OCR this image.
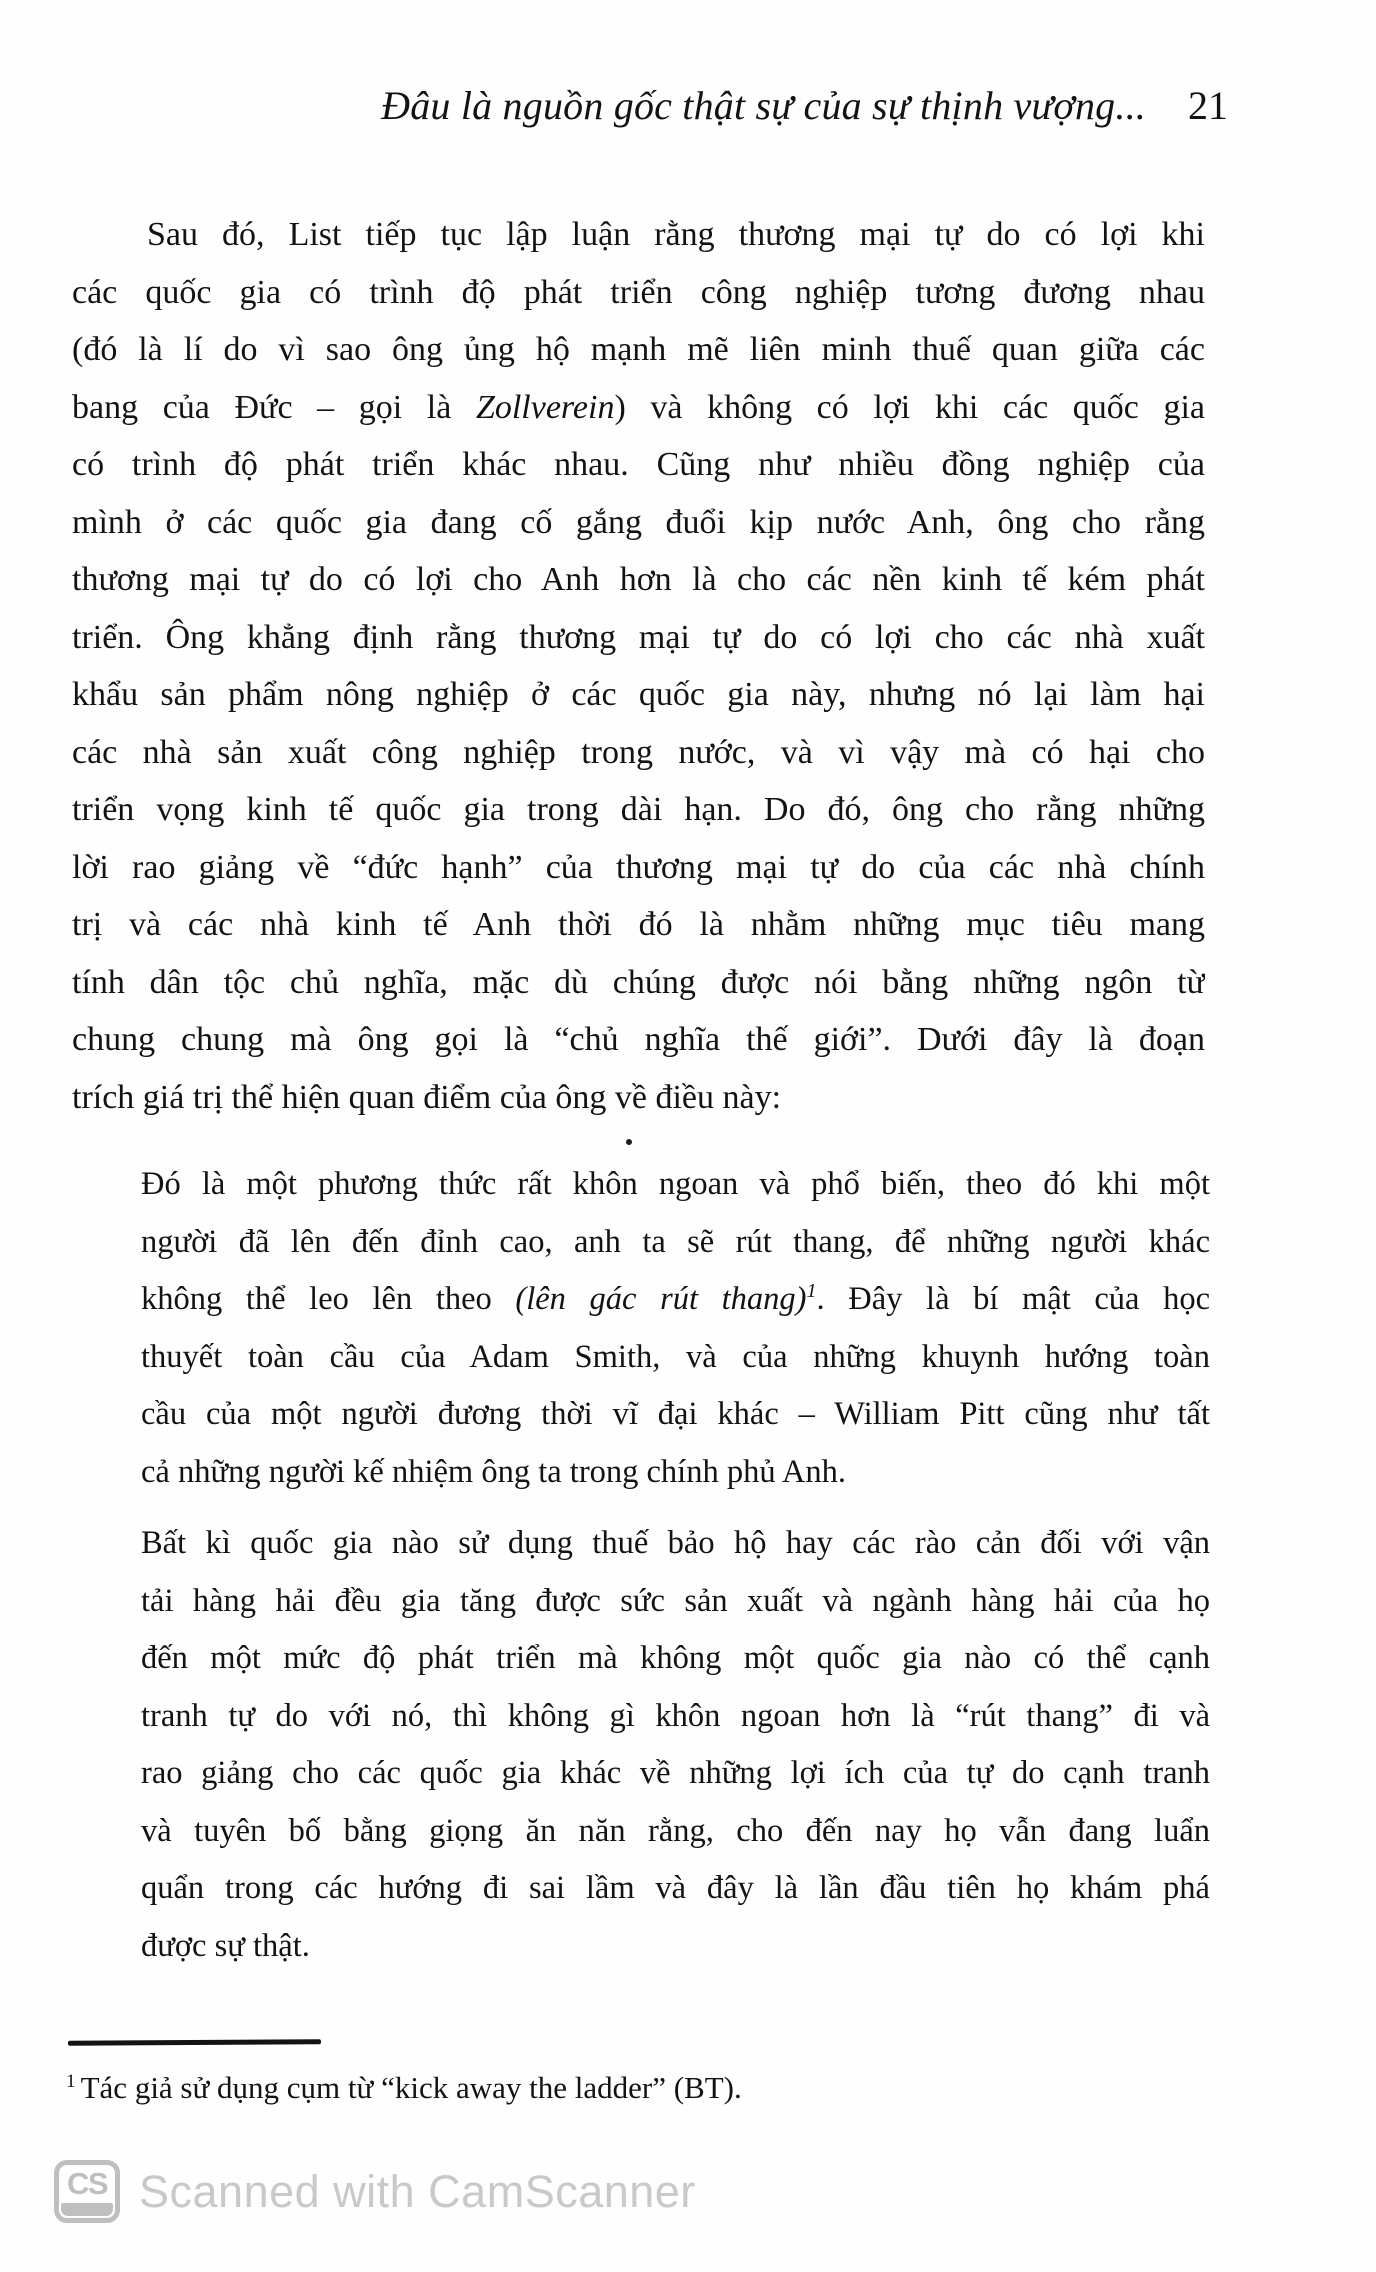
Đâu là nguồn gốc thật sự của sự thịnh vượng... 21
Sau đó, List tiếp tục lập luận rằng thương mại tự do có lợi khi
các quốc gia có trình độ phát triển công nghiệp tương đương nhau
(đó là lí do vì sao ông ủng hộ mạnh mẽ liên minh thuế quan giữa các
bang của Đức – gọi là Zollverein) và không có lợi khi các quốc gia
có trình độ phát triển khác nhau. Cũng như nhiều đồng nghiệp của
mình ở các quốc gia đang cố gắng đuổi kịp nước Anh, ông cho rằng
thương mại tự do có lợi cho Anh hơn là cho các nền kinh tế kém phát
triển. Ông khẳng định rằng thương mại tự do có lợi cho các nhà xuất
khẩu sản phẩm nông nghiệp ở các quốc gia này, nhưng nó lại làm hại
các nhà sản xuất công nghiệp trong nước, và vì vậy mà có hại cho
triển vọng kinh tế quốc gia trong dài hạn. Do đó, ông cho rằng những
lời rao giảng về “đức hạnh” của thương mại tự do của các nhà chính
trị và các nhà kinh tế Anh thời đó là nhằm những mục tiêu mang
tính dân tộc chủ nghĩa, mặc dù chúng được nói bằng những ngôn từ
chung chung mà ông gọi là “chủ nghĩa thế giới”. Dưới đây là đoạn
trích giá trị thể hiện quan điểm của ông về điều này:
Đó là một phương thức rất khôn ngoan và phổ biến, theo đó khi một
người đã lên đến đỉnh cao, anh ta sẽ rút thang, để những người khác
không thể leo lên theo (lên gác rút thang)$^1$. Đây là bí mật của học
thuyết toàn cầu của Adam Smith, và của những khuynh hướng toàn
cầu của một người đương thời vĩ đại khác – William Pitt cũng như tất
cả những người kế nhiệm ông ta trong chính phủ Anh.
Bất kì quốc gia nào sử dụng thuế bảo hộ hay các rào cản đối với vận
tải hàng hải đều gia tăng được sức sản xuất và ngành hàng hải của họ
đến một mức độ phát triển mà không một quốc gia nào có thể cạnh
tranh tự do với nó, thì không gì khôn ngoan hơn là “rút thang” đi và
rao giảng cho các quốc gia khác về những lợi ích của tự do cạnh tranh
và tuyên bố bằng giọng ăn năn rằng, cho đến nay họ vẫn đang luẩn
quẩn trong các hướng đi sai lầm và đây là lần đầu tiên họ khám phá
được sự thật.
$^1$ Tác giả sử dụng cụm từ “kick away the ladder” (BT).
CS Scanned with CamScanner
